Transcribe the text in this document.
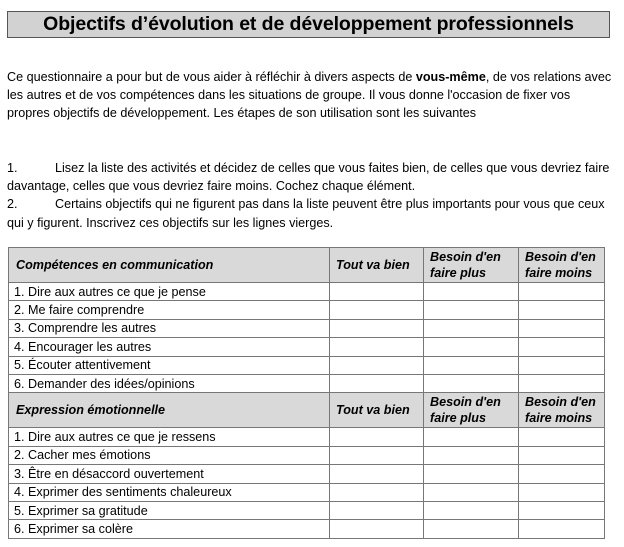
Objectifs d’évolution et de développement professionnels

Ce questionnaire a pour but de vous aider à réfléchir à divers aspects de vous-même, de vos relations avec les autres et de vos compétences dans les situations de groupe. Il vous donne l'occasion de fixer vos propres objectifs de développement. Les étapes de son utilisation sont les suivantes

1.	Lisez la liste des activités et décidez de celles que vous faites bien, de celles que vous devriez faire davantage, celles que vous devriez faire moins. Cochez chaque élément.
2.	Certains objectifs qui ne figurent pas dans la liste peuvent être plus importants pour vous que ceux qui y figurent. Inscrivez ces objectifs sur les lignes vierges.
Compétences en communication	Tout va bien	Besoin d'en faire plus	Besoin d'en faire moins
1. Dire aux autres ce que je pense			
2. Me faire comprendre			
3. Comprendre les autres			
4. Encourager les autres			
5. Écouter attentivement			
6. Demander des idées/opinions			
Expression émotionnelle	Tout va bien	Besoin d'en faire plus	Besoin d'en faire moins
1. Dire aux autres ce que je ressens			
2. Cacher mes émotions			
3. Être en désaccord ouvertement			
4. Exprimer des sentiments chaleureux			
5. Exprimer sa gratitude			
6. Exprimer sa colère			
